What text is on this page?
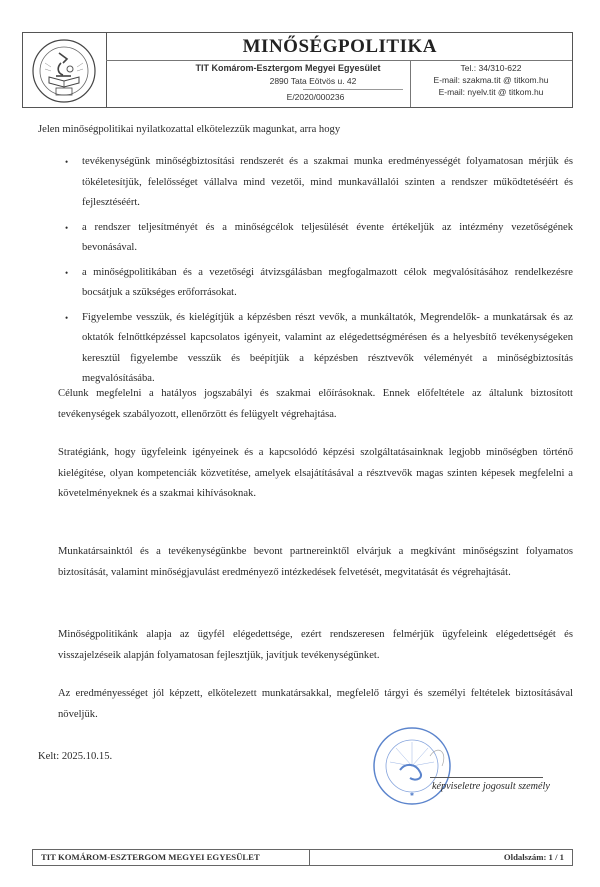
MINŐSÉGPOLITIKA
TIT Komárom-Esztergom Megyei Egyesület
2890 Tata Eötvös u. 42
E/2020/000236
Tel.: 34/310-622
E-mail: szakma.tit @ titkom.hu
E-mail: nyelv.tit @ titkom.hu
Jelen minőségpolitikai nyilatkozattal elkötelezzük magunkat, arra hogy
• tevékenységünk minőségbiztosítási rendszerét és a szakmai munka eredményességét folyamatosan mérjük és tökéletesítjük, felelősséget vállalva mind vezetői, mind munkavállalói szinten a rendszer működtetéséért és fejlesztéséért.
• a rendszer teljesítményét és a minőségcélok teljesülését évente értékeljük az intézmény vezetőségének bevonásával.
• a minőségpolitikában és a vezetőségi átvizsgálásban megfogalmazott célok megvalósításához rendelkezésre bocsátjuk a szükséges erőforrásokat.
• Figyelembe vesszük, és kielégítjük a képzésben részt vevők, a munkáltatók, Megrendelők- a munkatársak és az oktatók felnőttképzéssel kapcsolatos igényeit, valamint az elégedettségmérésen és a helyesbítő tevékenységeken keresztül figyelembe vesszük és beépítjük a képzésben résztvevők véleményét a minőségbiztosítás megvalósításába.
Célunk megfelelni a hatályos jogszabályi és szakmai előírásoknak. Ennek előfeltétele az általunk biztosított tevékenységek szabályozott, ellenőrzött és felügyelt végrehajtása.
Stratégiánk, hogy ügyfeleink igényeinek és a kapcsolódó képzési szolgáltatásainknak legjobb minőségben történő kielégítése, olyan kompetenciák közvetítése, amelyek elsajátításával a résztvevők magas szinten képesek megfelelni a követelményeknek és a szakmai kihívásoknak.
Munkatársainktól és a tevékenységünkbe bevont partnereinktől elvárjuk a megkívánt minőségszint folyamatos biztosítását, valamint minőségjavulást eredményező intézkedések felvetését, megvitatását és végrehajtását.
Minőségpolitikánk alapja az ügyfél elégedettsége, ezért rendszeresen felmérjük ügyfeleink elégedettségét és visszajelzéseik alapján folyamatosan fejlesztjük, javítjuk tevékenységünket.
Az eredményességet jól képzett, elkötelezett munkatársakkal, megfelelő tárgyi és személyi feltételek biztosításával növeljük.
Kelt: 2025.10.15.
✱
képviseletre jogosult személy
TIT KOMÁROM-ESZTERGOM MEGYEI EGYESÜLET	Oldalszám: 1 / 1
